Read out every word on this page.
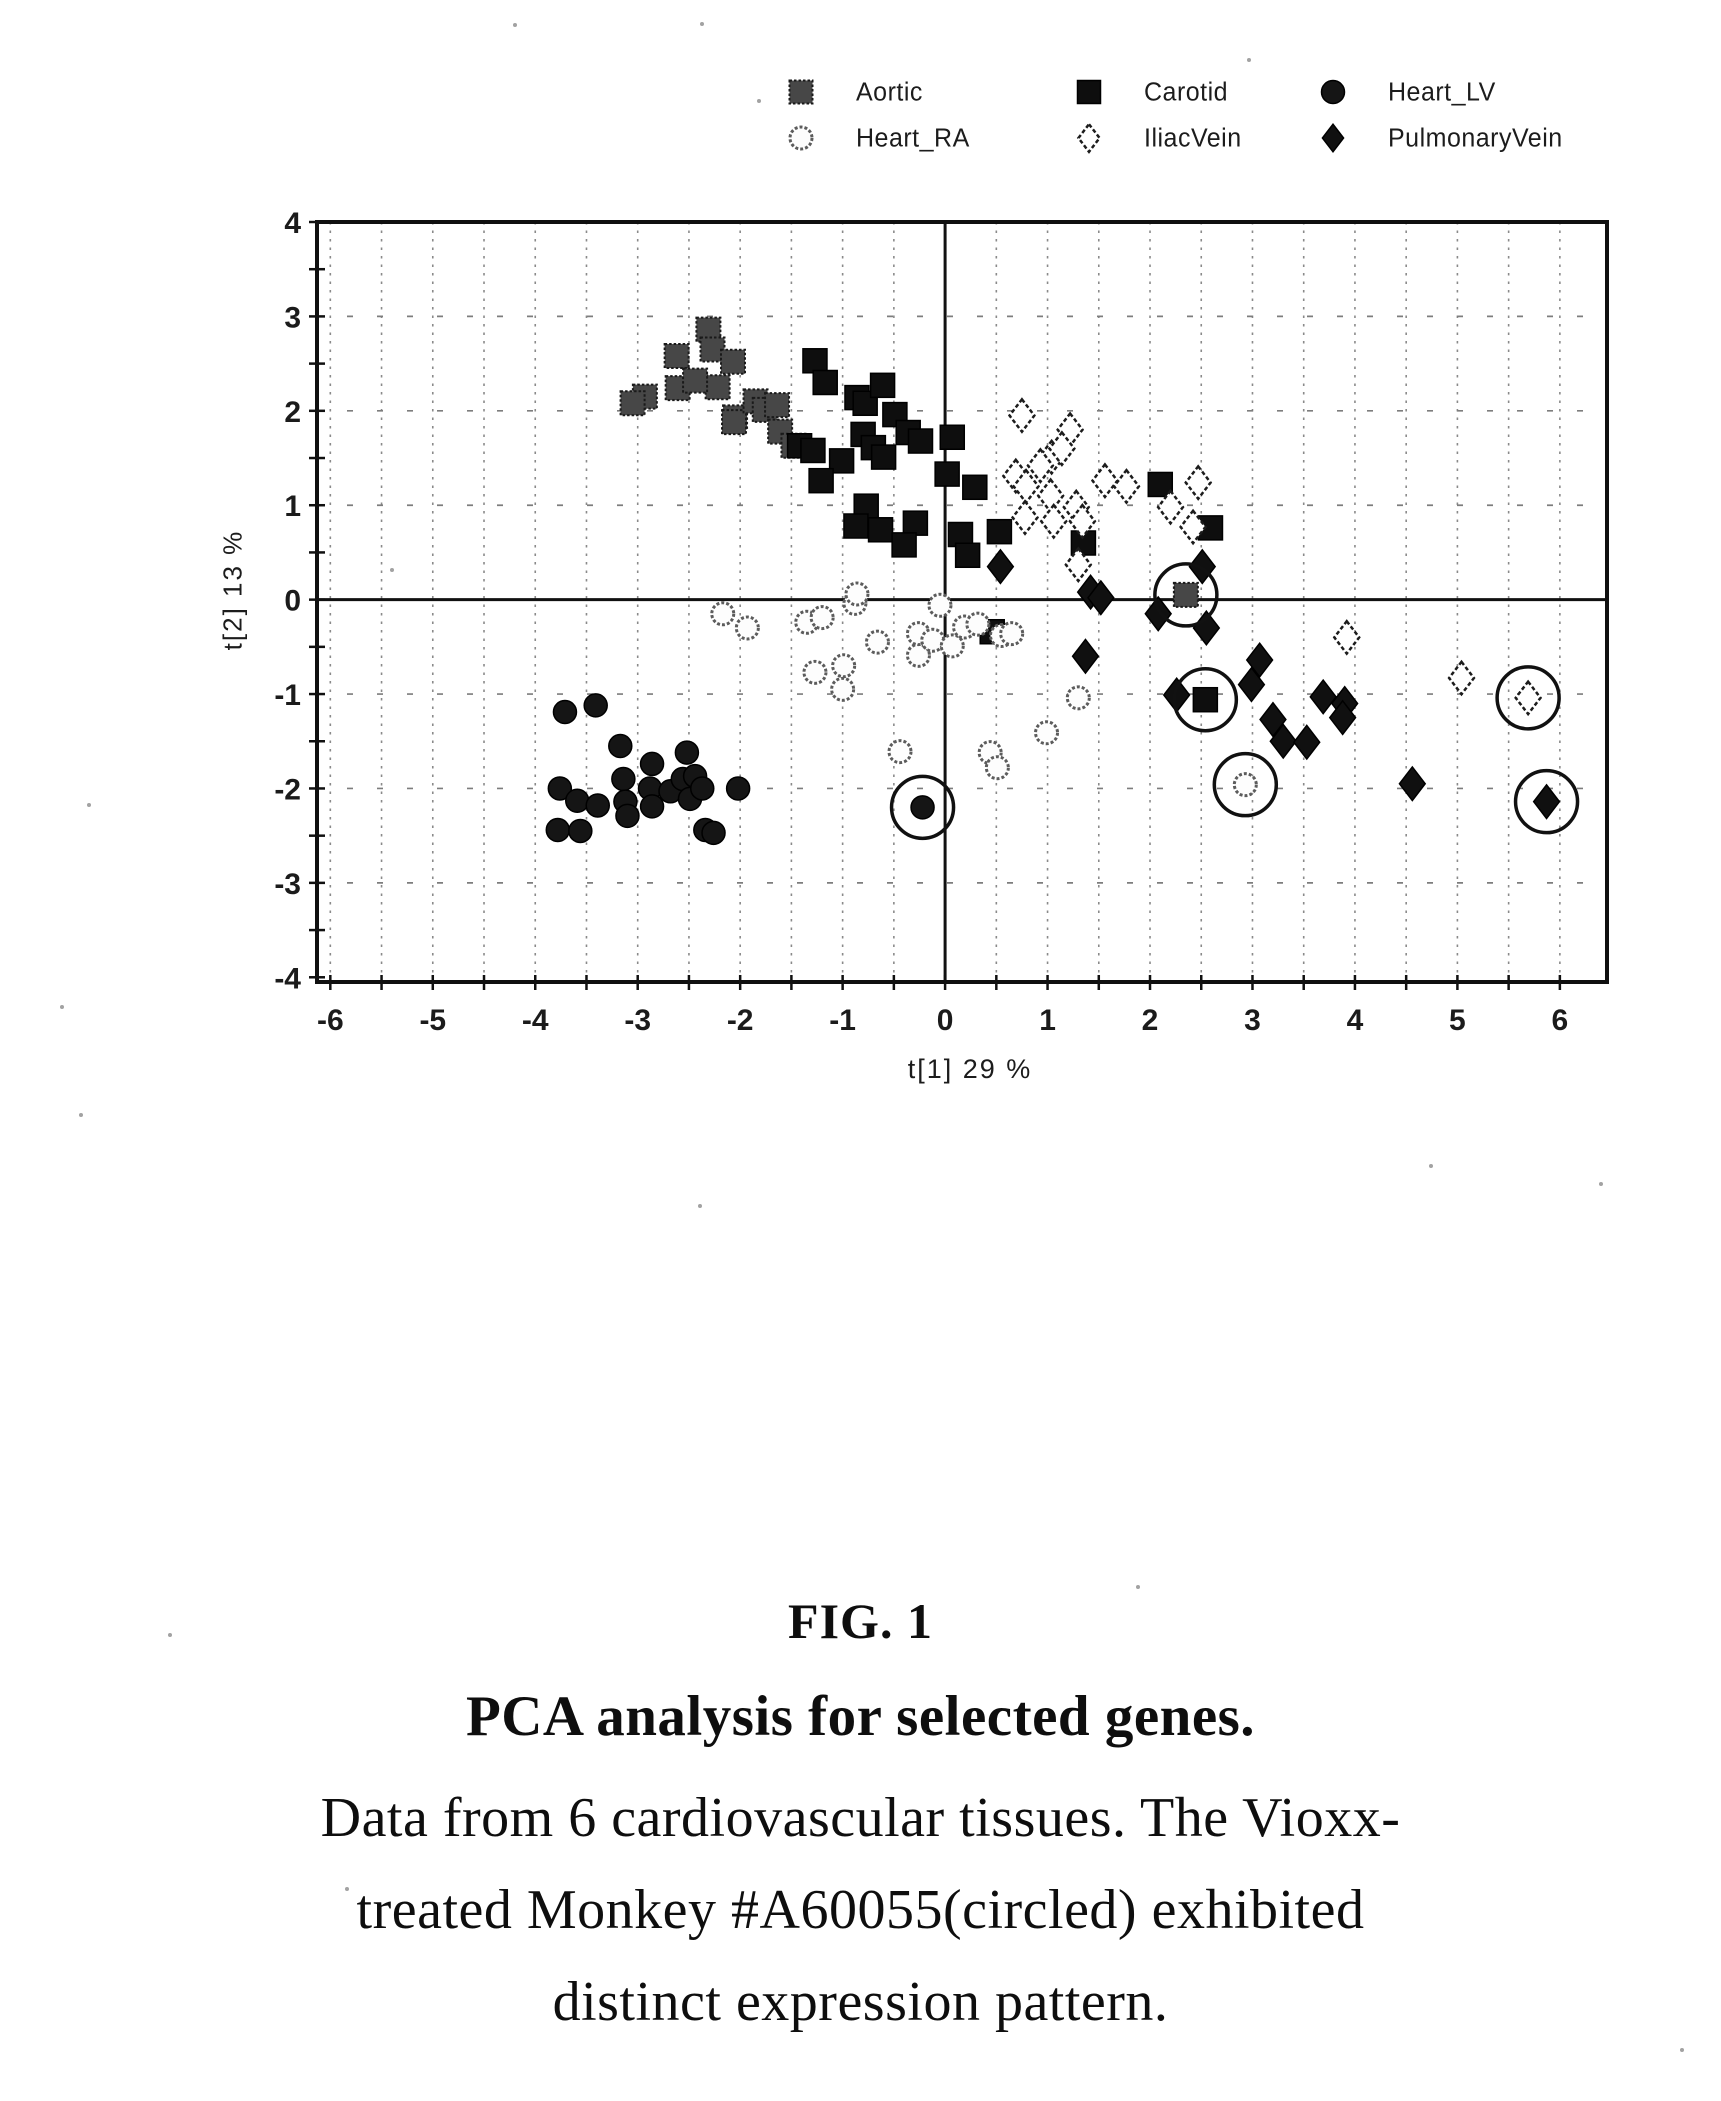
Aortic	Carotid	Heart_LV
Heart_RA	IliacVein	PulmonaryVein
-6	-5	-4	-3	-2	-1	0	1	2	3	4	5	6
4
3
2
1
0
-1
-2
-3
-4
t[2] 13 %
t[1] 29 %
FIG. 1
PCA analysis for selected genes.
Data from 6 cardiovascular tissues. The Vioxx-
treated Monkey #A60055(circled) exhibited
distinct expression pattern.
